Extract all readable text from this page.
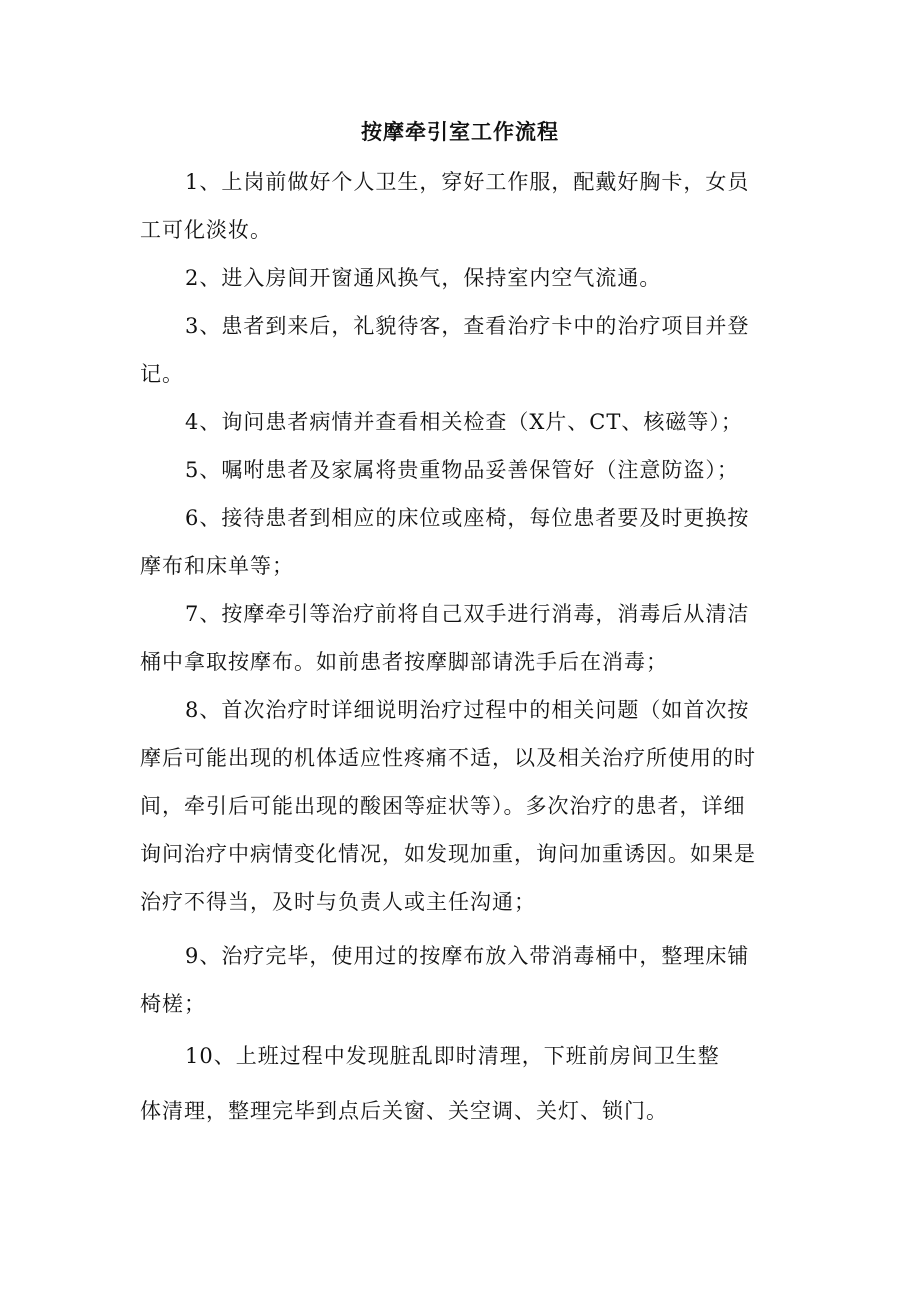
按摩牵引室工作流程
1、上岗前做好个人卫生，穿好工作服，配戴好胸卡，女员
工可化淡妆。
2、进入房间开窗通风换气，保持室内空气流通。
3、患者到来后，礼貌待客，查看治疗卡中的治疗项目并登
记。
4、询问患者病情并查看相关检查（X片、CT、核磁等）；
5、嘱咐患者及家属将贵重物品妥善保管好（注意防盗）；
6、接待患者到相应的床位或座椅，每位患者要及时更换按
摩布和床单等；
7、按摩牵引等治疗前将自己双手进行消毒，消毒后从清洁
桶中拿取按摩布。如前患者按摩脚部请洗手后在消毒；
8、首次治疗时详细说明治疗过程中的相关问题（如首次按
摩后可能出现的机体适应性疼痛不适，以及相关治疗所使用的时
间，牵引后可能出现的酸困等症状等）。多次治疗的患者，详细
询问治疗中病情变化情况，如发现加重，询问加重诱因。如果是
治疗不得当，及时与负责人或主任沟通；
9、治疗完毕，使用过的按摩布放入带消毒桶中，整理床铺
椅槎；
10、上班过程中发现脏乱即时清理，下班前房间卫生整
体清理，整理完毕到点后关窗、关空调、关灯、锁门。
